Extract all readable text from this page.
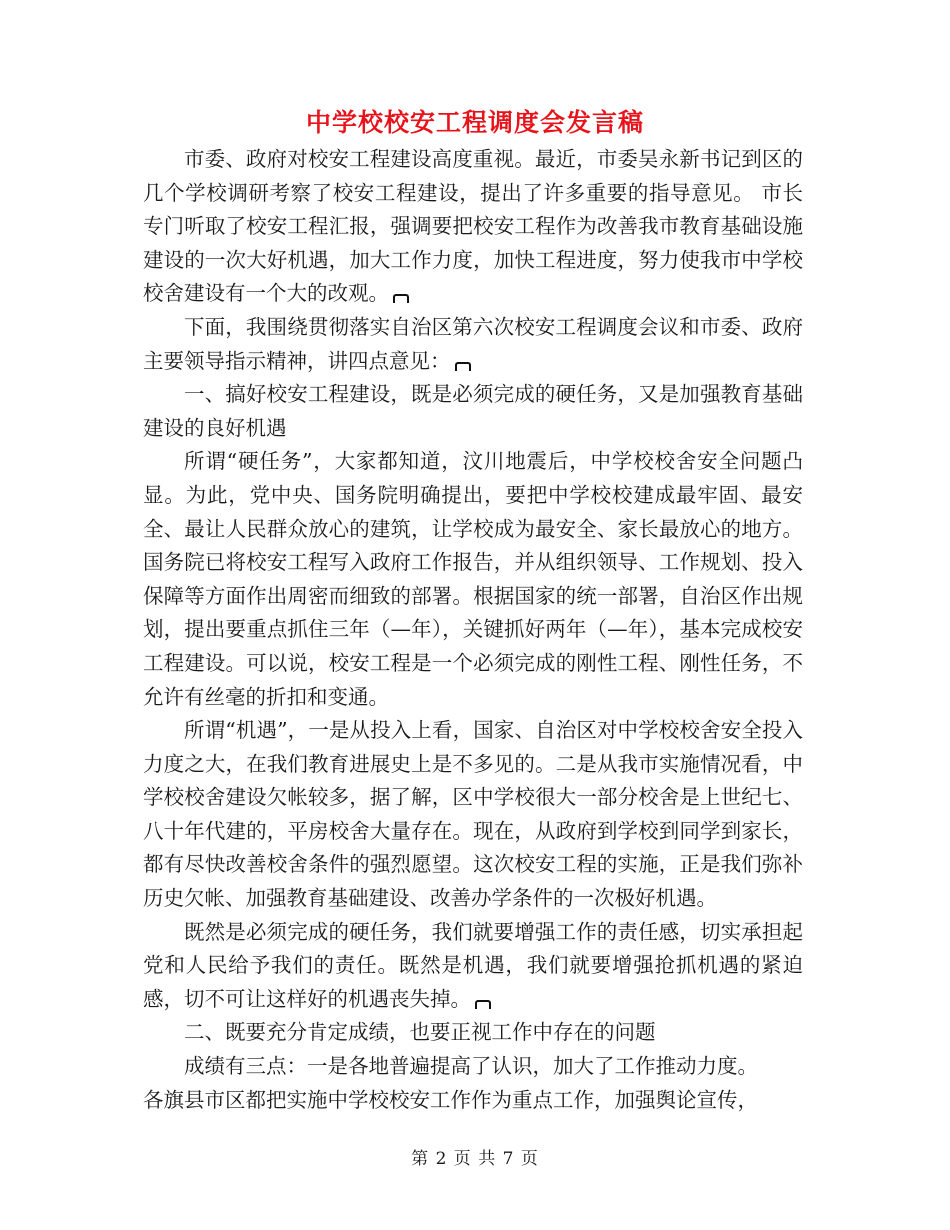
中学校校安工程调度会发言稿

市委、政府对校安工程建设高度重视。最近，市委吴永新书记到区的几个学校调研考察了校安工程建设，提出了许多重要的指导意见。 市长专门听取了校安工程汇报，强调要把校安工程作为改善我市教育基础设施建设的一次大好机遇，加大工作力度，加快工程进度，努力使我市中学校校舍建设有一个大的改观。

下面，我围绕贯彻落实自治区第六次校安工程调度会议和市委、政府主要领导指示精神，讲四点意见：

一、搞好校安工程建设，既是必须完成的硬任务，又是加强教育基础建设的良好机遇

所谓“硬任务”，大家都知道，汶川地震后，中学校校舍安全问题凸显。为此，党中央、国务院明确提出，要把中学校校建成最牢固、最安全、最让人民群众放心的建筑，让学校成为最安全、家长最放心的地方。国务院已将校安工程写入政府工作报告，并从组织领导、工作规划、投入保障等方面作出周密而细致的部署。根据国家的统一部署，自治区作出规划，提出要重点抓住三年（—年），关键抓好两年（—年），基本完成校安工程建设。可以说，校安工程是一个必须完成的刚性工程、刚性任务，不允许有丝毫的折扣和变通。

所谓“机遇”，一是从投入上看，国家、自治区对中学校校舍安全投入力度之大，在我们教育进展史上是不多见的。二是从我市实施情况看，中学校校舍建设欠帐较多，据了解，区中学校很大一部分校舍是上世纪七、八十年代建的，平房校舍大量存在。现在，从政府到学校到同学到家长，都有尽快改善校舍条件的强烈愿望。这次校安工程的实施，正是我们弥补历史欠帐、加强教育基础建设、改善办学条件的一次极好机遇。

既然是必须完成的硬任务，我们就要增强工作的责任感，切实承担起党和人民给予我们的责任。既然是机遇，我们就要增强抢抓机遇的紧迫感，切不可让这样好的机遇丧失掉。

二、既要充分肯定成绩，也要正视工作中存在的问题

成绩有三点：一是各地普遍提高了认识，加大了工作推动力度。

各旗县市区都把实施中学校校安工作作为重点工作，加强舆论宣传，

第 2 页 共 7 页
